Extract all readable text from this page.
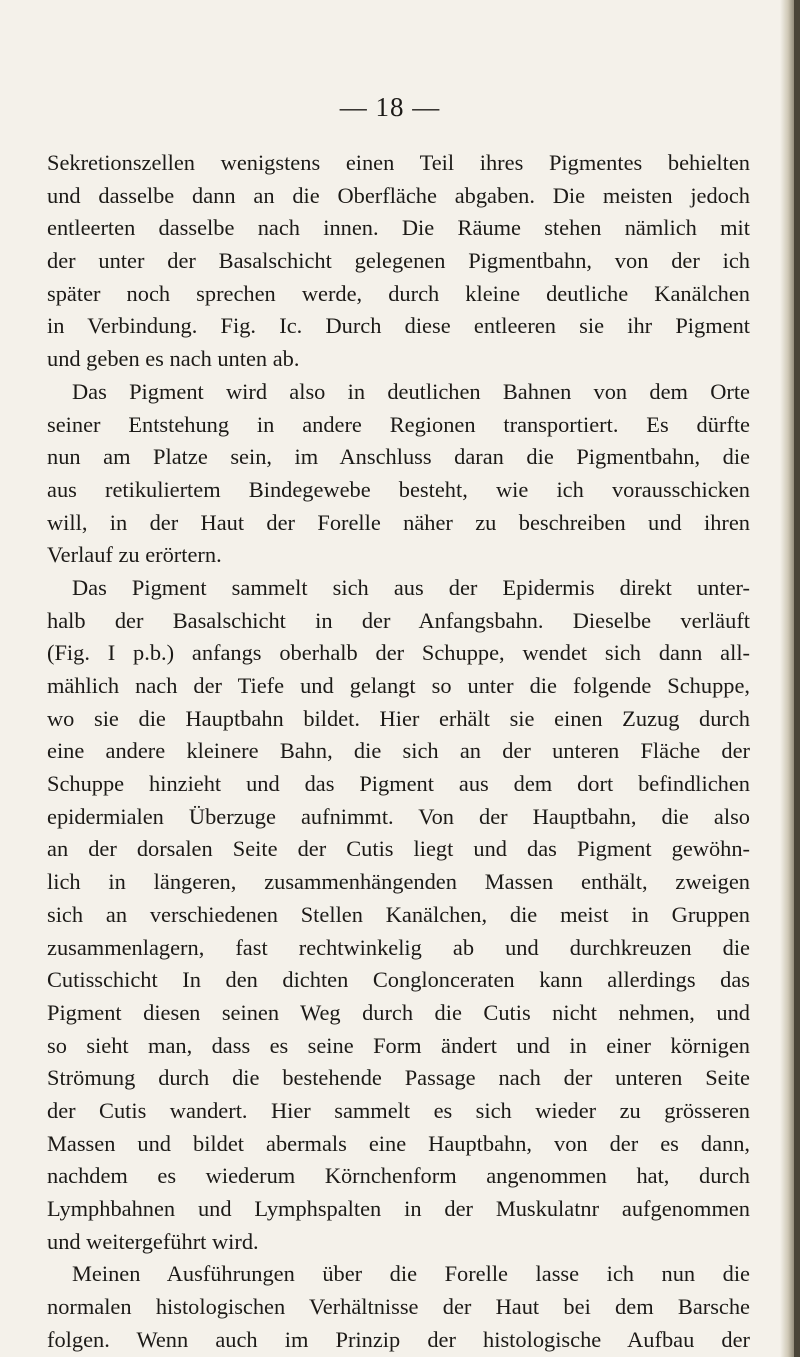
— 18 —
Sekretionszellen wenigstens einen Teil ihres Pigmentes behielten
und dasselbe dann an die Oberfläche abgaben. Die meisten jedoch
entleerten dasselbe nach innen. Die Räume stehen nämlich mit
der unter der Basalschicht gelegenen Pigmentbahn, von der ich
später noch sprechen werde, durch kleine deutliche Kanälchen
in Verbindung. Fig. Ic. Durch diese entleeren sie ihr Pigment
und geben es nach unten ab.
Das Pigment wird also in deutlichen Bahnen von dem Orte
seiner Entstehung in andere Regionen transportiert. Es dürfte
nun am Platze sein, im Anschluss daran die Pigmentbahn, die
aus retikuliertem Bindegewebe besteht, wie ich vorausschicken
will, in der Haut der Forelle näher zu beschreiben und ihren
Verlauf zu erörtern.
Das Pigment sammelt sich aus der Epidermis direkt unter-
halb der Basalschicht in der Anfangsbahn. Dieselbe verläuft
(Fig. I p.b.) anfangs oberhalb der Schuppe, wendet sich dann all-
mählich nach der Tiefe und gelangt so unter die folgende Schuppe,
wo sie die Hauptbahn bildet. Hier erhält sie einen Zuzug durch
eine andere kleinere Bahn, die sich an der unteren Fläche der
Schuppe hinzieht und das Pigment aus dem dort befindlichen
epidermialen Überzuge aufnimmt. Von der Hauptbahn, die also
an der dorsalen Seite der Cutis liegt und das Pigment gewöhn-
lich in längeren, zusammenhängenden Massen enthält, zweigen
sich an verschiedenen Stellen Kanälchen, die meist in Gruppen
zusammenlagern, fast rechtwinkelig ab und durchkreuzen die
Cutisschicht In den dichten Conglonceraten kann allerdings das
Pigment diesen seinen Weg durch die Cutis nicht nehmen, und
so sieht man, dass es seine Form ändert und in einer körnigen
Strömung durch die bestehende Passage nach der unteren Seite
der Cutis wandert. Hier sammelt es sich wieder zu grösseren
Massen und bildet abermals eine Hauptbahn, von der es dann,
nachdem es wiederum Körnchenform angenommen hat, durch
Lymphbahnen und Lymphspalten in der Muskulatnr aufgenommen
und weitergeführt wird.
Meinen Ausführungen über die Forelle lasse ich nun die
normalen histologischen Verhältnisse der Haut bei dem Barsche
folgen. Wenn auch im Prinzip der histologische Aufbau der
